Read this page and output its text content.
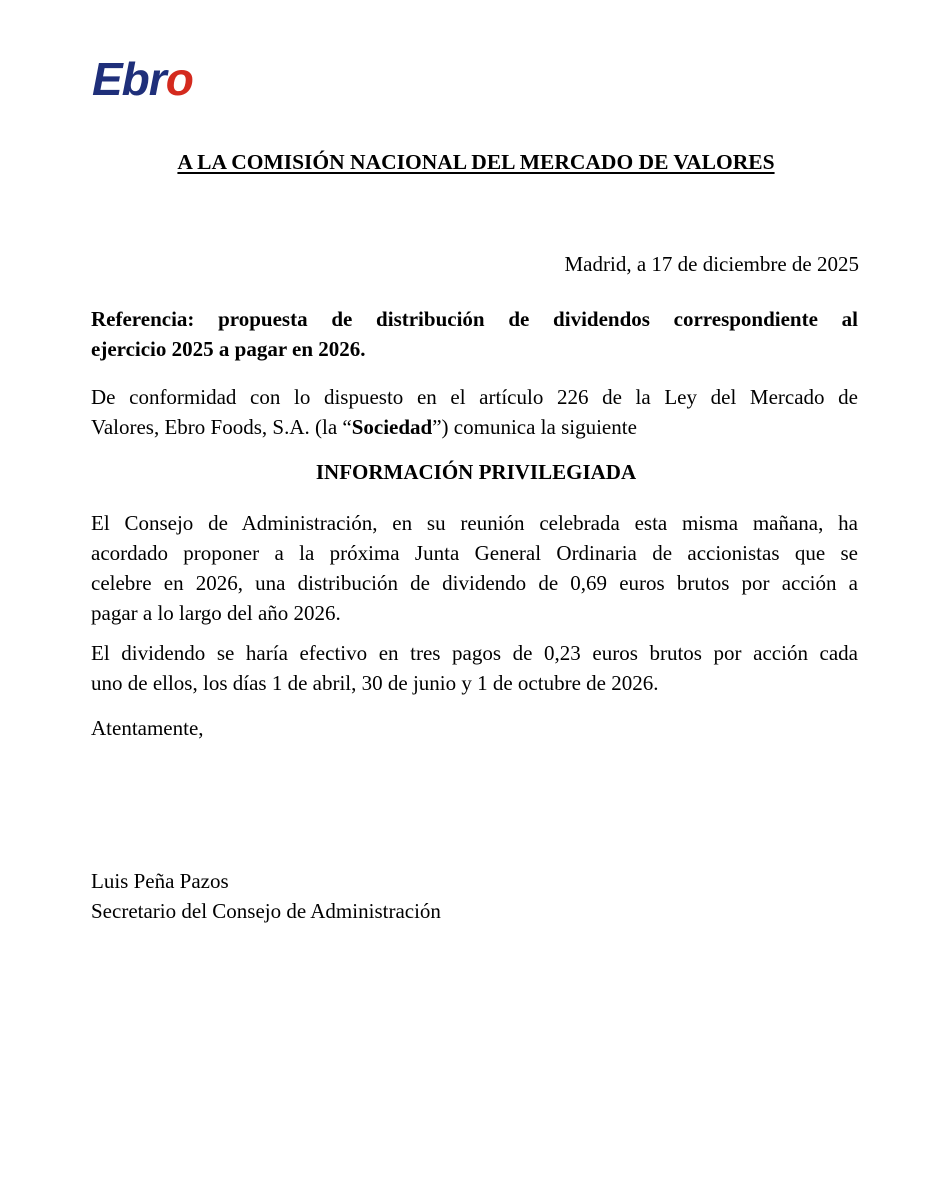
Ebro
A LA COMISIÓN NACIONAL DEL MERCADO DE VALORES
Madrid, a 17 de diciembre de 2025
Referencia: propuesta de distribución de dividendos correspondiente al
ejercicio 2025 a pagar en 2026.
De conformidad con lo dispuesto en el artículo 226 de la Ley del Mercado de
Valores, Ebro Foods, S.A. (la “Sociedad”) comunica la siguiente
INFORMACIÓN PRIVILEGIADA
El Consejo de Administración, en su reunión celebrada esta misma mañana, ha
acordado proponer a la próxima Junta General Ordinaria de accionistas que se
celebre en 2026, una distribución de dividendo de 0,69 euros brutos por acción a
pagar a lo largo del año 2026.
El dividendo se haría efectivo en tres pagos de 0,23 euros brutos por acción cada
uno de ellos, los días 1 de abril, 30 de junio y 1 de octubre de 2026.
Atentamente,
Luis Peña Pazos
Secretario del Consejo de Administración
